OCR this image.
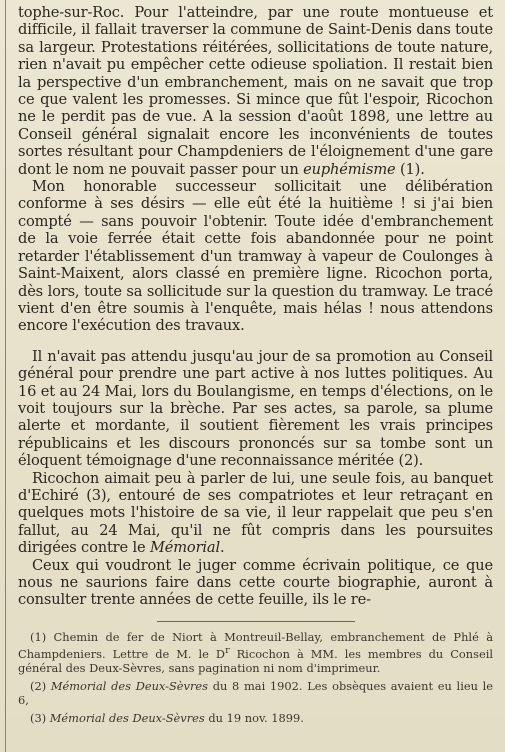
tophe-sur-Roc. Pour l'atteindre, par une route montueuse et difficile, il fallait traverser la commune de Saint-Denis dans toute sa largeur. Protestations réitérées, sollicitations de toute nature, rien n'avait pu empêcher cette odieuse spoliation. Il restait bien la perspective d'un embranchement, mais on ne savait que trop ce que valent les promesses. Si mince que fût l'espoir, Ricochon ne le perdit pas de vue. A la session d'août 1898, une lettre au Conseil général signalait encore les inconvénients de toutes sortes résultant pour Champdeniers de l'éloignement d'une gare dont le nom ne pouvait passer pour un euphémisme (1).

Mon honorable successeur sollicitait une délibération conforme à ses désirs — elle eût été la huitième ! si j'ai bien compté — sans pouvoir l'obtenir. Toute idée d'embranchement de la voie ferrée était cette fois abandonnée pour ne point retarder l'établissement d'un tramway à vapeur de Coulonges à Saint-Maixent, alors classé en première ligne. Ricochon porta, dès lors, toute sa sollicitude sur la question du tramway. Le tracé vient d'en être soumis à l'enquête, mais hélas ! nous attendons encore l'exécution des travaux.

Il n'avait pas attendu jusqu'au jour de sa promotion au Conseil général pour prendre une part active à nos luttes politiques. Au 16 et au 24 Mai, lors du Boulangisme, en temps d'élections, on le voit toujours sur la brèche. Par ses actes, sa parole, sa plume alerte et mordante, il soutient fièrement les vrais principes républicains et les discours prononcés sur sa tombe sont un éloquent témoignage d'une reconnaissance méritée (2).

Ricochon aimait peu à parler de lui, une seule fois, au banquet d'Echiré (3), entouré de ses compatriotes et leur retraçant en quelques mots l'histoire de sa vie, il leur rappelait que peu s'en fallut, au 24 Mai, qu'il ne fût compris dans les poursuites dirigées contre le Mémorial.

Ceux qui voudront le juger comme écrivain politique, ce que nous ne saurions faire dans cette courte biographie, auront à consulter trente années de cette feuille, ils le re-

(1) Chemin de fer de Niort à Montreuil-Bellay, embranchement de Phlé à Champdeniers. Lettre de M. le $D^r$ Ricochon à MM. les membres du Conseil général des Deux-Sèvres, sans pagination ni nom d'imprimeur.

(2) Mémorial des Deux-Sèvres du 8 mai 1902. Les obsèques avaient eu lieu le 6,

(3) Mémorial des Deux-Sèvres du 19 nov. 1899.
